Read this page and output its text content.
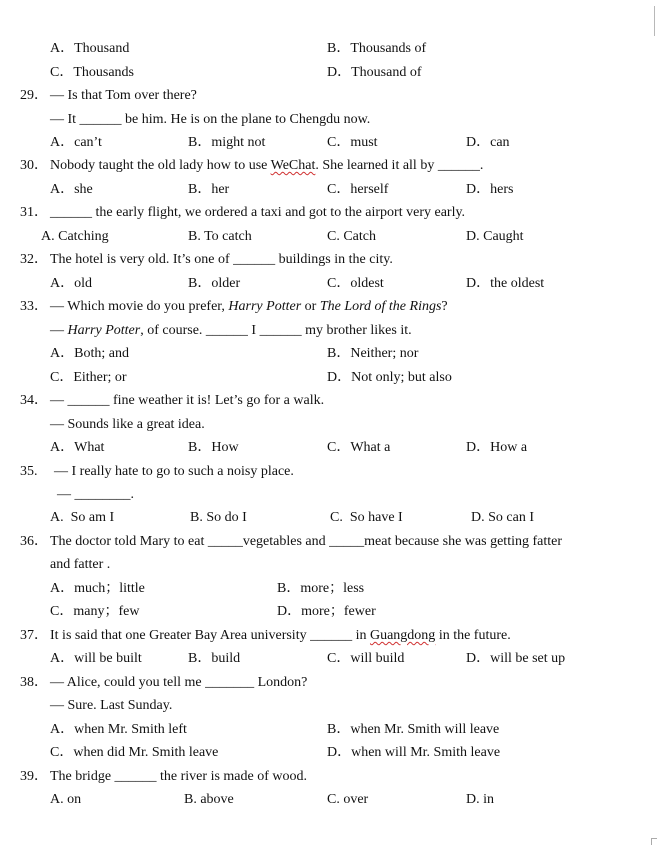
A．Thousand	B．Thousands of
C．Thousands	D．Thousand of
29． — Is that Tom over there?
— It ______ be him. He is on the plane to Chengdu now.
A．can’t	B．might not	C．must	D．can
30． Nobody taught the old lady how to use WeChat. She learned it all by ______.
A．she	B．her	C．herself	D．hers
31． ______ the early flight, we ordered a taxi and got to the airport very early.
A. Catching	B. To catch	C. Catch	D. Caught
32． The hotel is very old. It’s one of ______ buildings in the city.
A．old	B．older	C．oldest	D．the oldest
33． — Which movie do you prefer, Harry Potter or The Lord of the Rings?
— Harry Potter, of course. ______ I ______ my brother likes it.
A．Both; and	B．Neither; nor
C．Either; or	D．Not only; but also
34． — ______ fine weather it is! Let’s go for a walk.
— Sounds like a great idea.
A．What	B．How	C．What a	D．How a
35. — I really hate to go to such a noisy place.
— ________.
A.  So am I	B. So do I	C.  So have I	D. So can I
36． The doctor told Mary to eat _____vegetables and _____meat because she was getting fatter
and fatter .
A．much；little	B．more；less
C．many；few	D．more；fewer
37． It is said that one Greater Bay Area university ______ in Guangdong in the future.
A．will be built	B．build	C．will build	D．will be set up
38． — Alice, could you tell me _______ London?
— Sure. Last Sunday.
A．when Mr. Smith left	B．when Mr. Smith will leave
C．when did Mr. Smith leave	D．when will Mr. Smith leave
39． The bridge ______ the river is made of wood.
A. on	B. above	C. over	D. in
